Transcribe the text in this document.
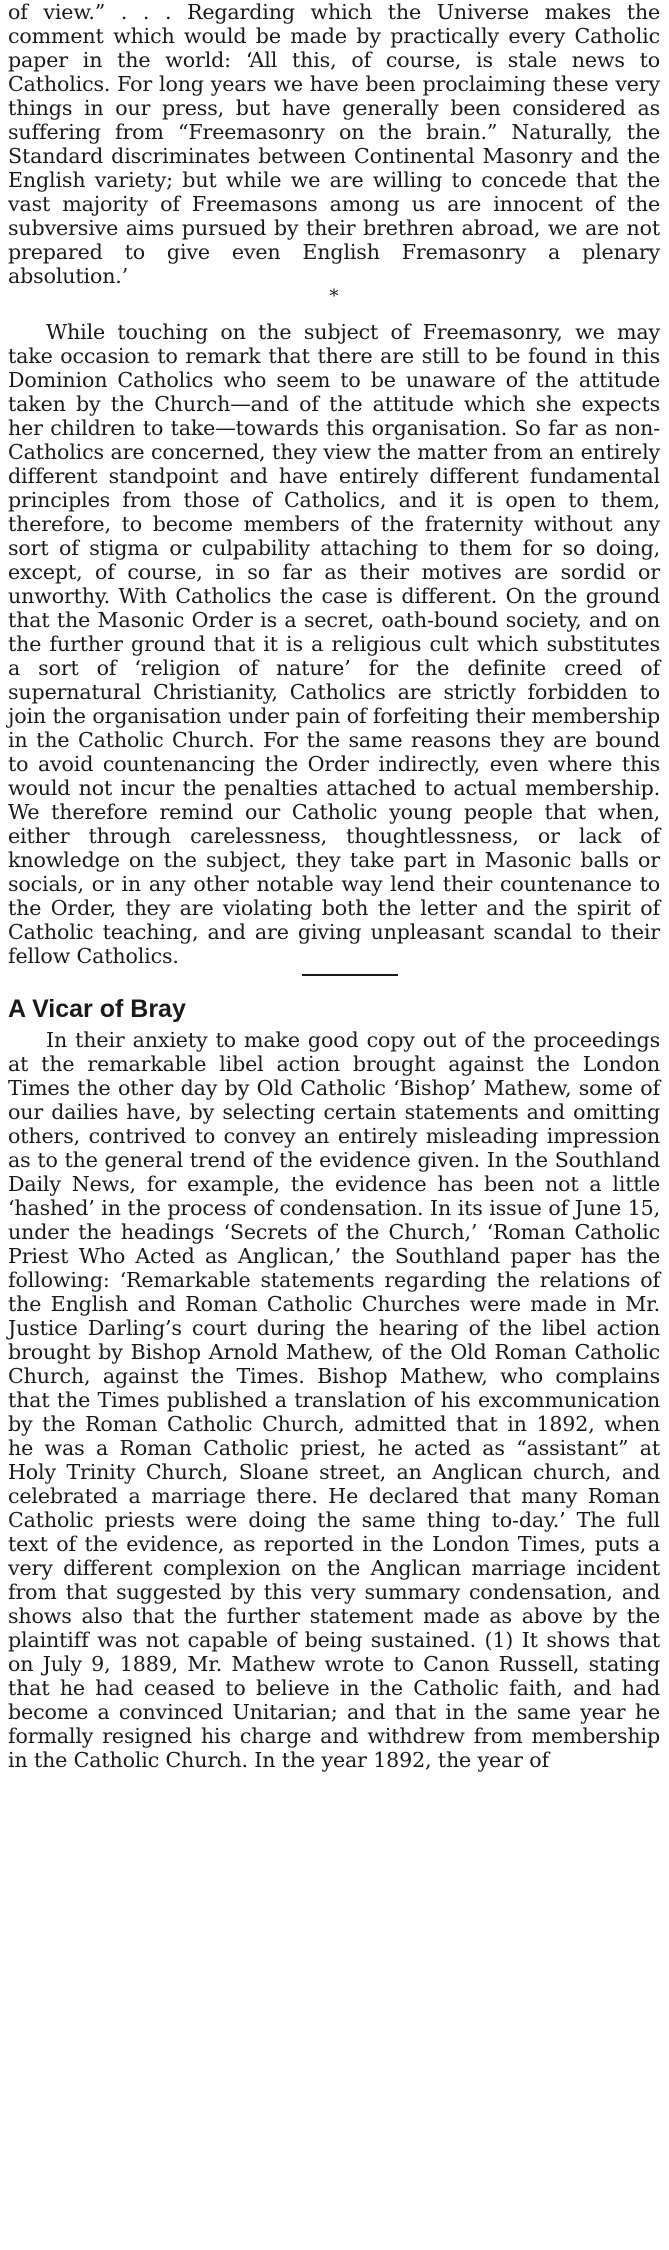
of view.” . . . Regarding which the Universe makes the comment which would be made by practically every Catholic paper in the world: ‘All this, of course, is stale news to Catholics. For long years we have been proclaiming these very things in our press, but have generally been considered as suffering from “Freemasonry on the brain.” Naturally, the Standard discriminates between Continental Masonry and the English variety; but while we are willing to concede that the vast majority of Freemasons among us are innocent of the subversive aims pursued by their brethren abroad, we are not prepared to give even English Fremasonry a plenary absolution.’

*

While touching on the subject of Freemasonry, we may take occasion to remark that there are still to be found in this Dominion Catholics who seem to be unaware of the attitude taken by the Church—and of the attitude which she expects her children to take—towards this organisation. So far as non-Catholics are concerned, they view the matter from an entirely different standpoint and have entirely different fundamental principles from those of Catholics, and it is open to them, therefore, to become members of the fraternity without any sort of stigma or culpability attaching to them for so doing, except, of course, in so far as their motives are sordid or unworthy. With Catholics the case is different. On the ground that the Masonic Order is a secret, oath-bound society, and on the further ground that it is a religious cult which substitutes a sort of ‘religion of nature’ for the definite creed of supernatural Christianity, Catholics are strictly forbidden to join the organisation under pain of forfeiting their membership in the Catholic Church. For the same reasons they are bound to avoid countenancing the Order indirectly, even where this would not incur the penalties attached to actual membership. We therefore remind our Catholic young people that when, either through carelessness, thoughtlessness, or lack of knowledge on the subject, they take part in Masonic balls or socials, or in any other notable way lend their countenance to the Order, they are violating both the letter and the spirit of Catholic teaching, and are giving unpleasant scandal to their fellow Catholics.

A Vicar of Bray

In their anxiety to make good copy out of the proceedings at the remarkable libel action brought against the London Times the other day by Old Catholic ‘Bishop’ Mathew, some of our dailies have, by selecting certain statements and omitting others, contrived to convey an entirely misleading impression as to the general trend of the evidence given. In the Southland Daily News, for example, the evidence has been not a little ‘hashed’ in the process of condensation. In its issue of June 15, under the headings ‘Secrets of the Church,’ ‘Roman Catholic Priest Who Acted as Anglican,’ the Southland paper has the following: ‘Remarkable statements regarding the relations of the English and Roman Catholic Churches were made in Mr. Justice Darling’s court during the hearing of the libel action brought by Bishop Arnold Mathew, of the Old Roman Catholic Church, against the Times. Bishop Mathew, who complains that the Times published a translation of his excommunication by the Roman Catholic Church, admitted that in 1892, when he was a Roman Catholic priest, he acted as “assistant” at Holy Trinity Church, Sloane street, an Anglican church, and celebrated a marriage there. He declared that many Roman Catholic priests were doing the same thing to-day.’ The full text of the evidence, as reported in the London Times, puts a very different complexion on the Anglican marriage incident from that suggested by this very summary condensation, and shows also that the further statement made as above by the plaintiff was not capable of being sustained. (1) It shows that on July 9, 1889, Mr. Mathew wrote to Canon Russell, stating that he had ceased to believe in the Catholic faith, and had become a convinced Unitarian; and that in the same year he formally resigned his charge and withdrew from membership in the Catholic Church. In the year 1892, the year of
